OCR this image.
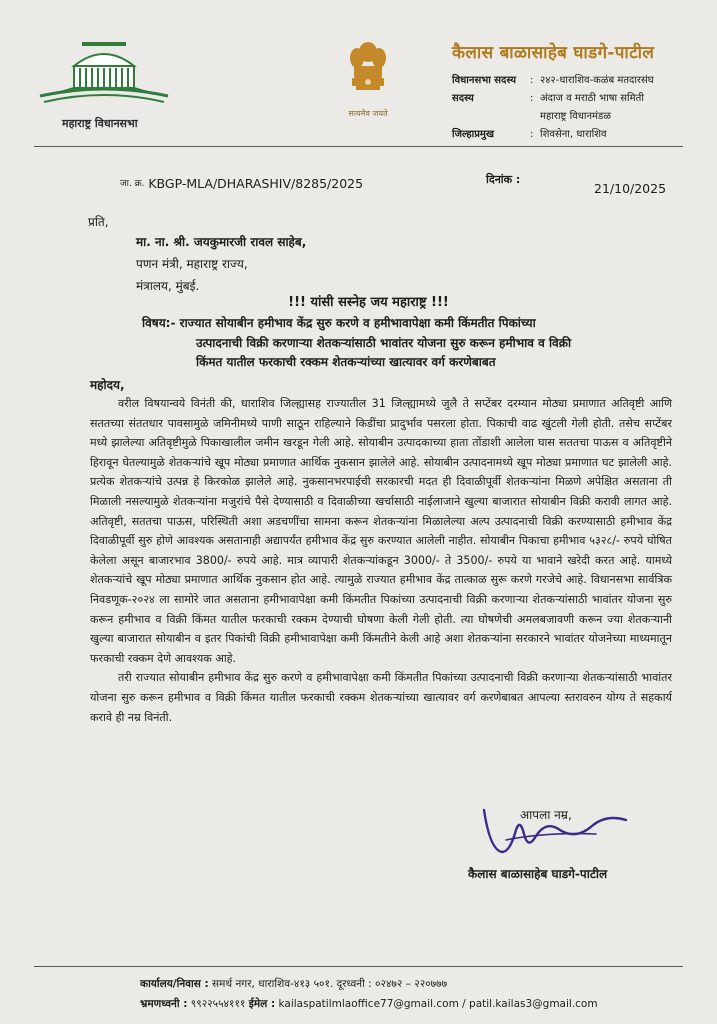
महाराष्ट्र विधानसभा
सत्यमेव जयते
कैलास बाळासाहेब घाडगे-पाटील
विधानसभा सदस्य	: २४२-धाराशिव-कळंब मतदारसंघ
सदस्य	: अंदाज व मराठी भाषा समिती
महाराष्ट्र विधानमंडळ
जिल्हाप्रमुख	: शिवसेना, धाराशिव
$^{जा. क्र.}$ KBGP-MLA/DHARASHIV/8285/2025	दिनांक :
21/10/2025
प्रति,
मा. ना. श्री. जयकुमारजी रावल साहेब,
पणन मंत्री, महाराष्ट्र राज्य,
मंत्रालय, मुंबई.
!!! यांसी सस्नेह जय महाराष्ट्र !!!
विषय:- राज्यात सोयाबीन हमीभाव केंद्र सुरु करणे व हमीभावापेक्षा कमी किंमतीत पिकांच्या
उत्पादनाची विक्री करणाऱ्या शेतकऱ्यांसाठी भावांतर योजना सुरु करून हमीभाव व विक्री
किंमत यातील फरकाची रक्कम शेतकऱ्यांच्या खात्यावर वर्ग करणेबाबत
महोदय,

वरील विषयान्वये विनंती की, धाराशिव जिल्ह्यासह राज्यातील 31 जिल्ह्यामध्ये जुलै ते सप्टेंबर दरम्यान मोठ्या प्रमाणात अतिवृष्टी आणि सततच्या संततधार पावसामुळे जमिनीमध्ये पाणी साठून राहिल्याने किडींचा प्रादुर्भाव पसरला होता. पिकाची वाढ खुंटली गेली होती. तसेच सप्टेंबर मध्ये झालेल्या अतिवृष्टीमुळे पिकाखालील जमीन खरडून गेली आहे. सोयाबीन उत्पादकाच्या हाता तोंडाशी आलेला घास सततचा पाऊस व अतिवृष्टीने हिरावून घेतल्यामुळे शेतकऱ्यांचे खूप मोठ्या प्रमाणात आर्थिक नुकसान झालेले आहे. सोयाबीन उत्पादनामध्ये खूप मोठ्या प्रमाणात घट झालेली आहे. प्रत्येक शेतकऱ्यांचे उत्पन्न हे किरकोळ झालेले आहे. नुकसानभरपाईची सरकारची मदत ही दिवाळीपूर्वी शेतकऱ्यांना मिळणे अपेक्षित असताना ती मिळाली नसल्यामुळे शेतकऱ्यांना मजुरांचे पैसे देण्यासाठी व दिवाळीच्या खर्चासाठी नाईलाजाने खुल्या बाजारात सोयाबीन विक्री करावी लागत आहे. अतिवृष्टी, सततचा पाऊस, परिस्थिती अशा अडचणींचा सामना करून शेतकऱ्यांना मिळालेल्या अल्प उत्पादनाची विक्री करण्यासाठी हमीभाव केंद्र दिवाळीपूर्वी सुरु होणे आवश्यक असतानाही अद्यापर्यंत हमीभाव केंद्र सुरु करण्यात आलेली नाहीत. सोयाबीन पिकाचा हमीभाव ५३२८/- रुपये घोषित केलेला असून बाजारभाव 3800/- रुपये आहे. मात्र व्यापारी शेतकऱ्यांकडून 3000/- ते 3500/- रुपये या भावाने खरेदी करत आहे. यामध्ये शेतकऱ्यांचे खूप मोठ्या प्रमाणात आर्थिक नुकसान होत आहे. त्यामुळे राज्यात हमीभाव केंद्र तात्काळ सुरू करणे गरजेचे आहे. विधानसभा सार्वत्रिक निवडणूक-२०२४ ला सामोरे जात असताना हमीभावापेक्षा कमी किंमतीत पिकांच्या उत्पादनाची विक्री करणाऱ्या शेतकऱ्यांसाठी भावांतर योजना सुरु करून हमीभाव व विक्री किंमत यातील फरकाची रक्कम देण्याची घोषणा केली गेली होती. त्या घोषणेची अमलबजावणी करून ज्या शेतकऱ्यानी खुल्या बाजारात सोयाबीन व इतर पिकांची विक्री हमीभावापेक्षा कमी किंमतीने केली आहे अशा शेतकऱ्यांना सरकारने भावांतर योजनेच्या माध्यमातून फरकाची रक्कम देणे आवश्यक आहे.

तरी राज्यात सोयाबीन हमीभाव केंद्र सुरु करणे व हमीभावापेक्षा कमी किंमतीत पिकांच्या उत्पादनाची विक्री करणाऱ्या शेतकऱ्यांसाठी भावांतर योजना सुरु करून हमीभाव व विक्री किंमत यातील फरकाची रक्कम शेतकऱ्यांच्या खात्यावर वर्ग करणेबाबत आपल्या स्तरावरुन योग्य ते सहकार्य करावे ही नम्र विनंती.

आपला नम्र,
कैलास बाळासाहेब घाडगे-पाटील
कार्यालय/निवास : समर्थ नगर, धाराशिव-४१३ ५०१. दूरध्वनी : ०२४७२ – २२०७७७
भ्रमणध्वनी : ९९२२५५४१११ ईमेल : kailaspatilmlaoffice77@gmail.com / patil.kailas3@gmail.com
